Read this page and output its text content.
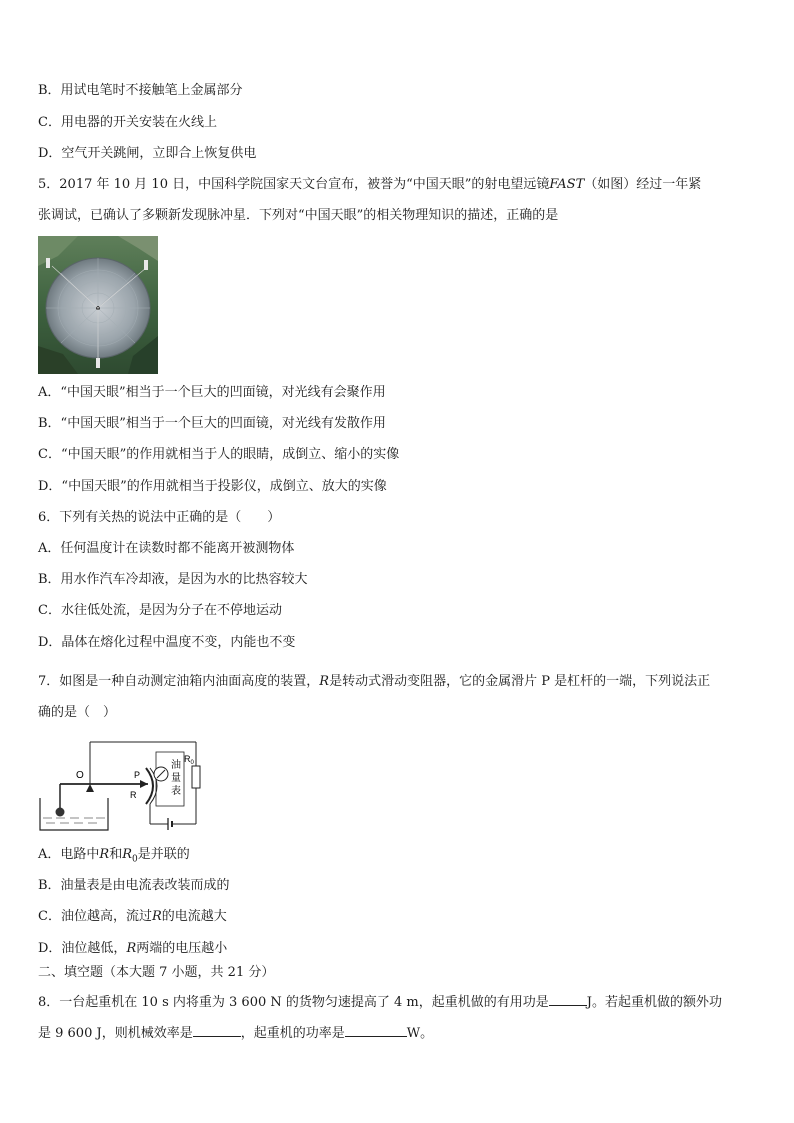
B．用试电笔时不接触笔上金属部分
C．用电器的开关安装在火线上
D．空气开关跳闸，立即合上恢复供电
5．2017 年 10 月 10 日，中国科学院国家天文台宣布，被誉为“中国天眼”的射电望远镜FAST（如图）经过一年紧
张调试，已确认了多颗新发现脉冲星．下列对“中国天眼”的相关物理知识的描述，正确的是
A．“中国天眼”相当于一个巨大的凹面镜，对光线有会聚作用
B．“中国天眼”相当于一个巨大的凹面镜，对光线有发散作用
C．“中国天眼”的作用就相当于人的眼睛，成倒立、缩小的实像
D．“中国天眼”的作用就相当于投影仪，成倒立、放大的实像
6．下列有关热的说法中正确的是（　　）
A．任何温度计在读数时都不能离开被测物体
B．用水作汽车冷却液，是因为水的比热容较大
C．水往低处流，是因为分子在不停地运动
D．晶体在熔化过程中温度不变，内能也不变
7．如图是一种自动测定油箱内油面高度的装置，R是转动式滑动变阻器，它的金属滑片 P 是杠杆的一端，下列说法正
确的是（　）
O	P
R
油
量
表
$R_0$
A．电路中R和$R_0$是并联的
B．油量表是由电流表改装而成的
C．油位越高，流过R的电流越大
D．油位越低，R两端的电压越小
二、填空题（本大题 7 小题，共 21 分）
8．一台起重机在 10 s 内将重为 3 600 N 的货物匀速提高了 4 m，起重机做的有用功是	J。若起重机做的额外功
是 9 600 J，则机械效率是	，起重机的功率是	W。
